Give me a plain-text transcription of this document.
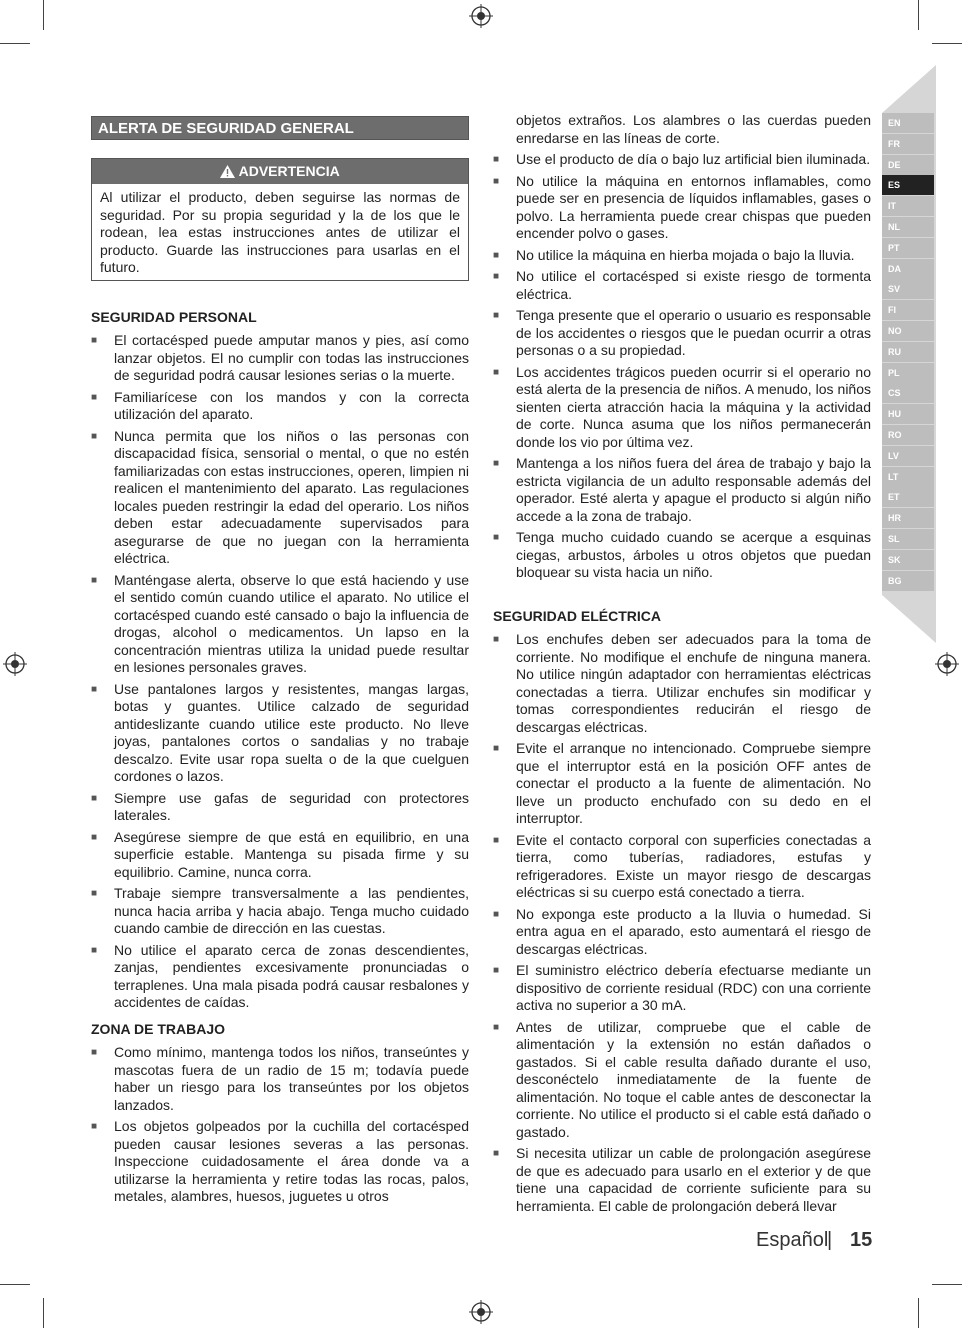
ALERTA DE SEGURIDAD GENERAL
ADVERTENCIA
Al utilizar el producto, deben seguirse las normas de seguridad. Por su propia seguridad y la de los que le rodean, lea estas instrucciones antes de utilizar el producto. Guarde las instrucciones para usarlas en el futuro.
SEGURIDAD PERSONAL
■ El cortacésped puede amputar manos y pies, así como lanzar objetos. El no cumplir con todas las instrucciones de seguridad podrá causar lesiones serias o la muerte.
■ Familiarícese con los mandos y con la correcta utilización del aparato.
■ Nunca permita que los niños o las personas con discapacidad física, sensorial o mental, o que no estén familiarizadas con estas instrucciones, operen, limpien ni realicen el mantenimiento del aparato. Las regulaciones locales pueden restringir la edad del operario. Los niños deben estar adecuadamente supervisados para asegurarse de que no juegan con la herramienta eléctrica.
■ Manténgase alerta, observe lo que está haciendo y use el sentido común cuando utilice el aparato. No utilice el cortacésped cuando esté cansado o bajo la influencia de drogas, alcohol o medicamentos. Un lapso en la concentración mientras utiliza la unidad puede resultar en lesiones personales graves.
■ Use pantalones largos y resistentes, mangas largas, botas y guantes. Utilice calzado de seguridad antideslizante cuando utilice este producto. No lleve joyas, pantalones cortos o sandalias y no trabaje descalzo. Evite usar ropa suelta o de la que cuelguen cordones o lazos.
■ Siempre use gafas de seguridad con protectores laterales.
■ Asegúrese siempre de que está en equilibrio, en una superficie estable. Mantenga su pisada firme y su equilibrio. Camine, nunca corra.
■ Trabaje siempre transversalmente a las pendientes, nunca hacia arriba y hacia abajo. Tenga mucho cuidado cuando cambie de dirección en las cuestas.
■ No utilice el aparato cerca de zonas descendientes, zanjas, pendientes excesivamente pronunciadas o terraplenes. Una mala pisada podrá causar resbalones y accidentes de caídas.
ZONA DE TRABAJO
■ Como mínimo, mantenga todos los niños, transeúntes y mascotas fuera de un radio de 15 m; todavía puede haber un riesgo para los transeúntes por los objetos lanzados.
■ Los objetos golpeados por la cuchilla del cortacésped pueden causar lesiones severas a las personas. Inspeccione cuidadosamente el área donde va a utilizarse la herramienta y retire todas las rocas, palos, metales, alambres, huesos, juguetes u otros
objetos extraños. Los alambres o las cuerdas pueden enredarse en las líneas de corte.
■ Use el producto de día o bajo luz artificial bien iluminada.
■ No utilice la máquina en entornos inflamables, como puede ser en presencia de líquidos inflamables, gases o polvo. La herramienta puede crear chispas que pueden encender polvo o gases.
■ No utilice la máquina en hierba mojada o bajo la lluvia.
■ No utilice el cortacésped si existe riesgo de tormenta eléctrica.
■ Tenga presente que el operario o usuario es responsable de los accidentes o riesgos que le puedan ocurrir a otras personas o a su propiedad.
■ Los accidentes trágicos pueden ocurrir si el operario no está alerta de la presencia de niños. A menudo, los niños sienten cierta atracción hacia la máquina y la actividad de corte. Nunca asuma que los niños permanecerán donde los vio por última vez.
■ Mantenga a los niños fuera del área de trabajo y bajo la estricta vigilancia de un adulto responsable además del operador. Esté alerta y apague el producto si algún niño accede a la zona de trabajo.
■ Tenga mucho cuidado cuando se acerque a esquinas ciegas, arbustos, árboles u otros objetos que puedan bloquear su vista hacia un niño.
SEGURIDAD ELÉCTRICA
■ Los enchufes deben ser adecuados para la toma de corriente. No modifique el enchufe de ninguna manera. No utilice ningún adaptador con herramientas eléctricas conectadas a tierra. Utilizar enchufes sin modificar y tomas correspondientes reducirán el riesgo de descargas eléctricas.
■ Evite el arranque no intencionado. Compruebe siempre que el interruptor está en la posición OFF antes de conectar el producto a la fuente de alimentación. No lleve un producto enchufado con su dedo en el interruptor.
■ Evite el contacto corporal con superficies conectadas a tierra, como tuberías, radiadores, estufas y refrigeradores. Existe un mayor riesgo de descargas eléctricas si su cuerpo está conectado a tierra.
■ No exponga este producto a la lluvia o humedad. Si entra agua en el aparado, esto aumentará el riesgo de descargas eléctricas.
■ El suministro eléctrico debería efectuarse mediante un dispositivo de corriente residual (RDC) con una corriente activa no superior a 30 mA.
■ Antes de utilizar, compruebe que el cable de alimentación y la extensión no están dañados o gastados. Si el cable resulta dañado durante el uso, desconéctelo inmediatamente de la fuente de alimentación. No toque el cable antes de desconectar la corriente. No utilice el producto si el cable está dañado o gastado.
■ Si necesita utilizar un cable de prolongación asegúrese de que es adecuado para usarlo en el exterior y de que tiene una capacidad de corriente suficiente para su herramienta. El cable de prolongación deberá llevar
EN
FR
DE
ES
IT
NL
PT
DA
SV
FI
NO
RU
PL
CS
HU
RO
LV
LT
ET
HR
SL
SK
BG
Español
| 15
